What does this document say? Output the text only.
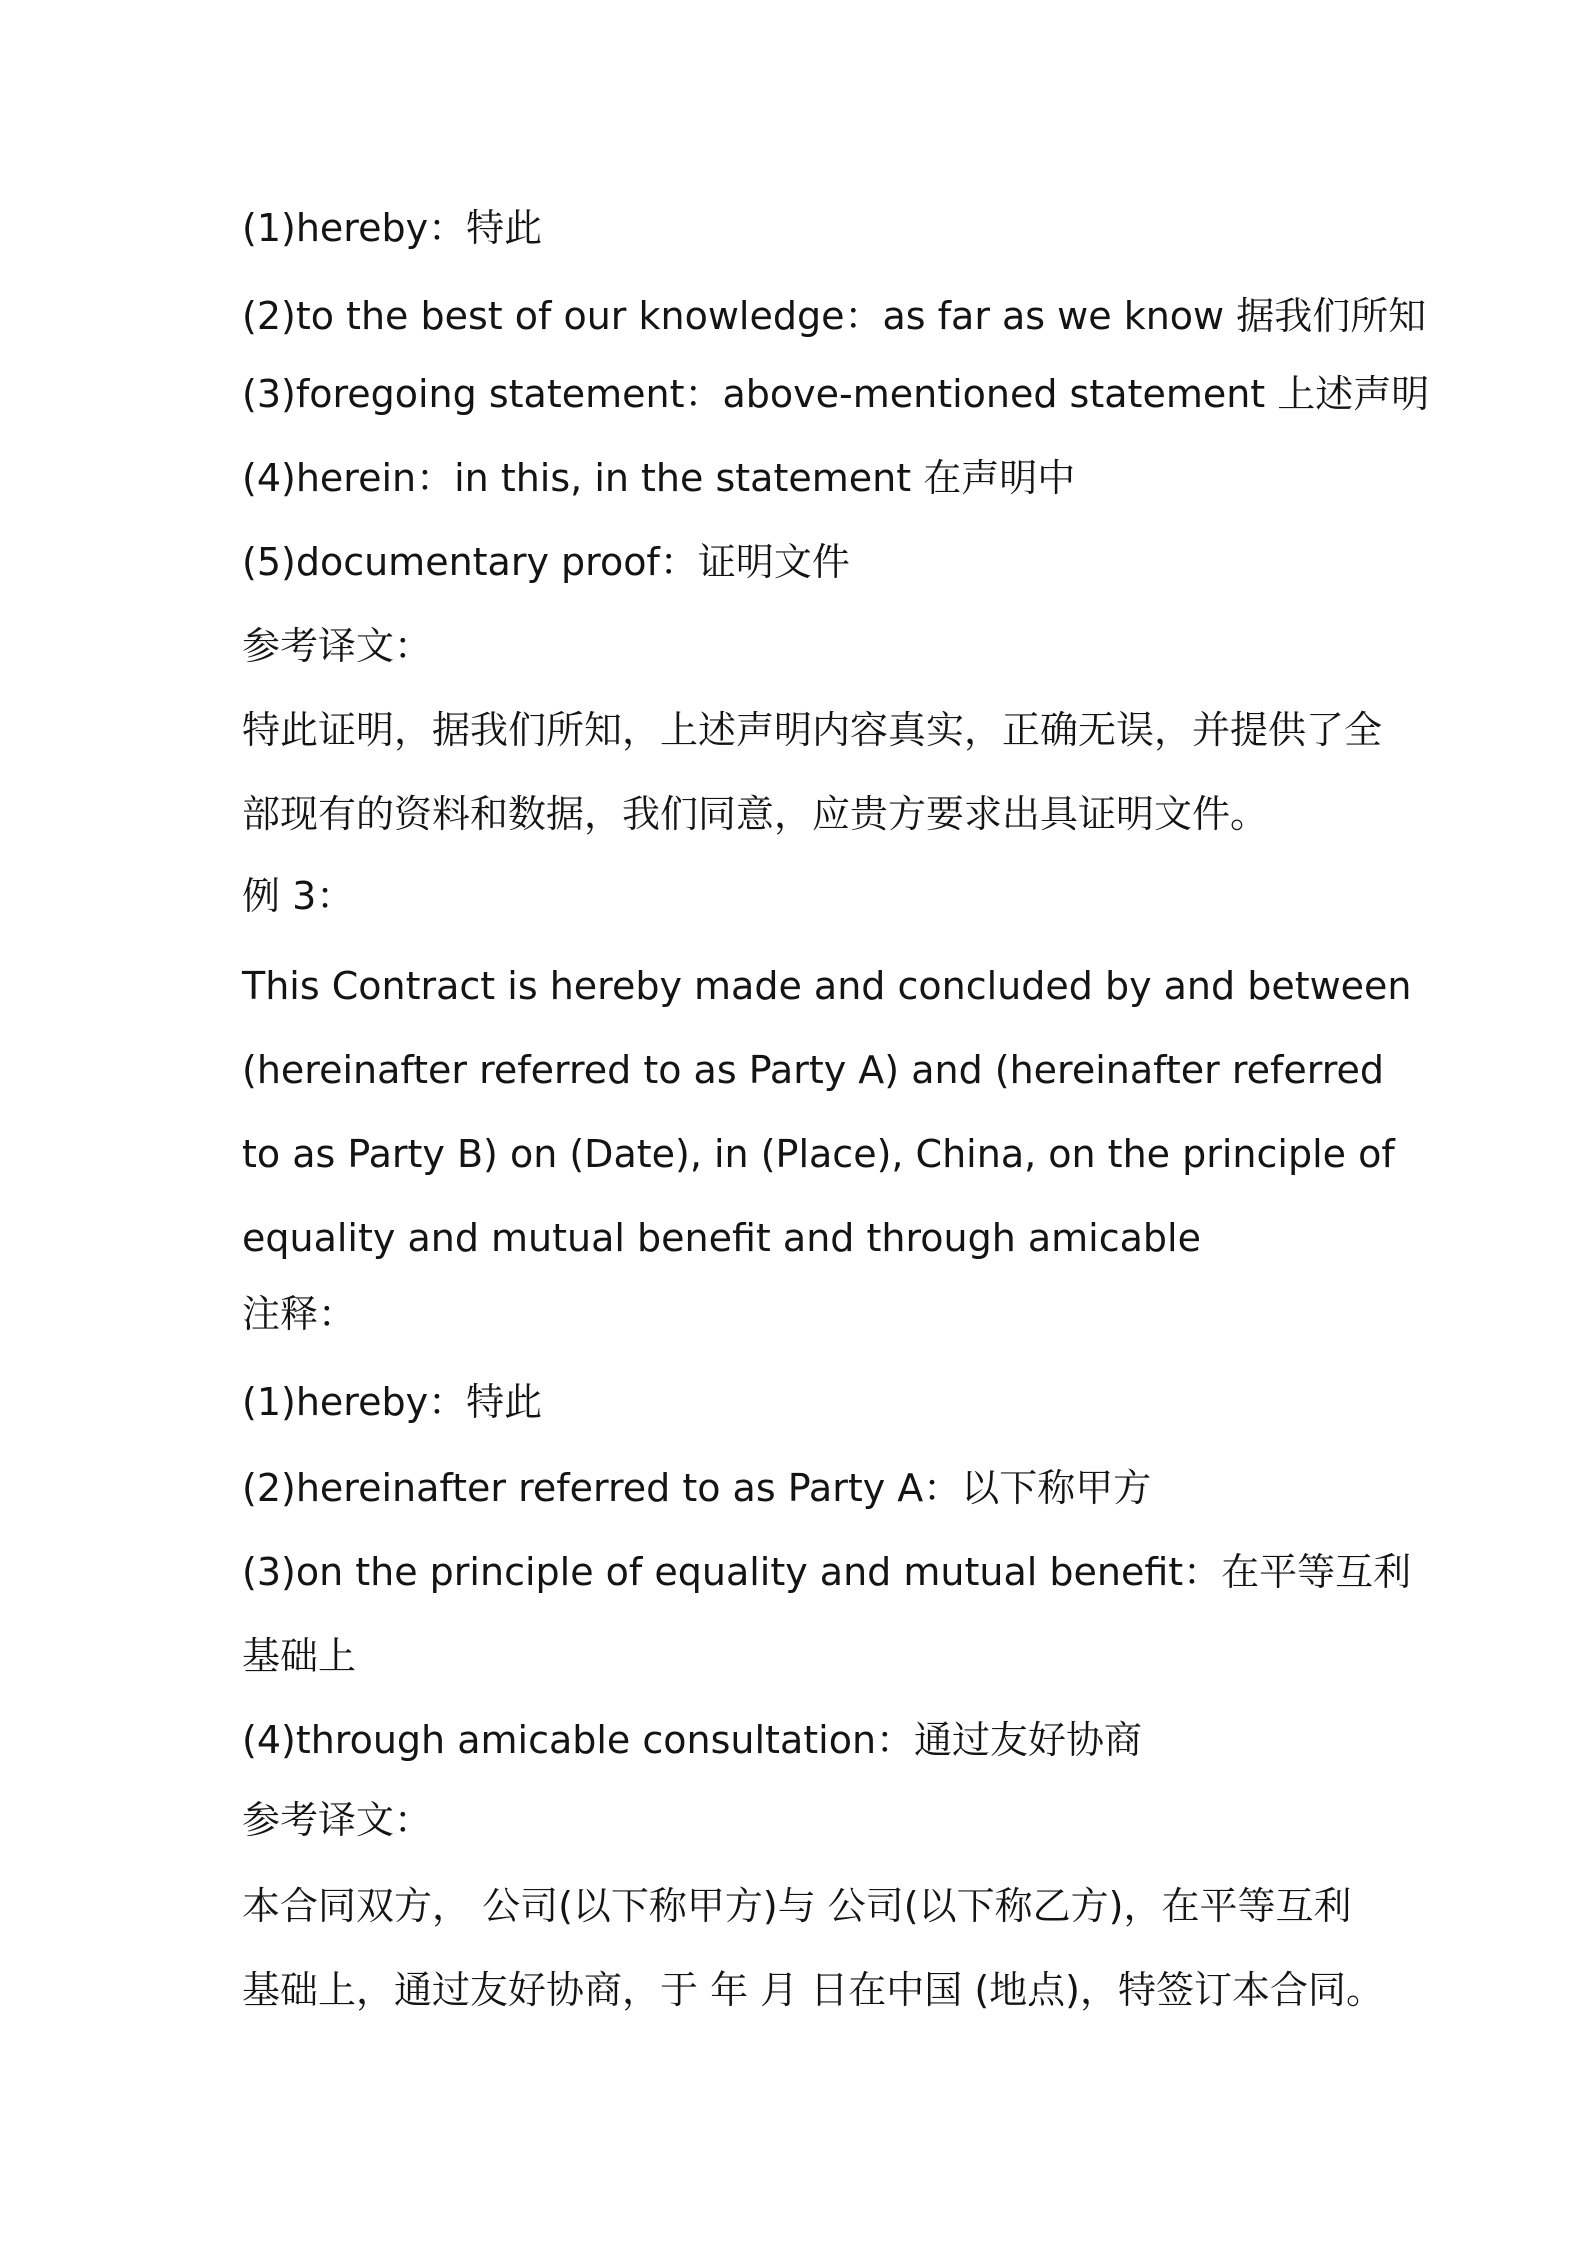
(1)hereby：特此

(2)to the best of our knowledge：as far as we know 据我们所知

(3)foregoing statement：above-mentioned statement 上述声明

(4)herein：in this, in the statement 在声明中

(5)documentary proof：证明文件

参考译文：

特此证明，据我们所知，上述声明内容真实，正确无误，并提供了全

部现有的资料和数据，我们同意，应贵方要求出具证明文件。

例 3：

This Contract is hereby made and concluded by and between

(hereinafter referred to as Party A) and (hereinafter referred

to as Party B) on (Date), in (Place), China, on the principle of

equality and mutual benefit and through amicable

注释：

(1)hereby：特此

(2)hereinafter referred to as Party A：以下称甲方

(3)on the principle of equality and mutual benefit：在平等互利

基础上

(4)through amicable consultation：通过友好协商

参考译文：

本合同双方， 公司(以下称甲方)与 公司(以下称乙方)，在平等互利

基础上，通过友好协商，于 年 月 日在中国 (地点)，特签订本合同。
